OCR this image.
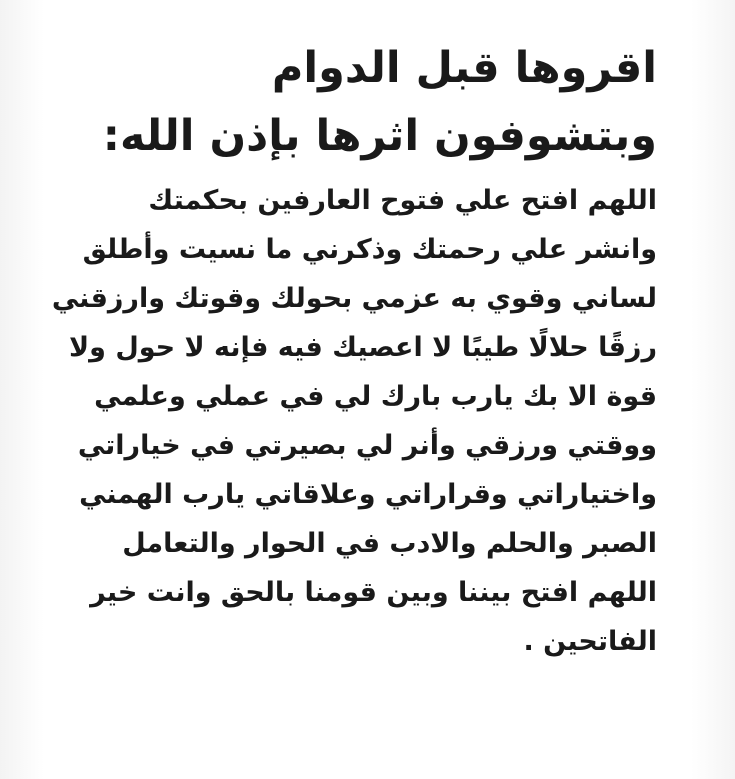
اقروها قبل الدوام
وبتشوفون اثرها بإذن الله:
اللهم افتح علي فتوح العارفين بحكمتك
وانشر علي رحمتك وذكرني ما نسيت وأطلق
لساني وقوي به عزمي بحولك وقوتك وارزقني
رزقًا حلالًا طيبًا لا اعصيك فيه فإنه لا حول ولا
قوة الا بك يارب بارك لي في عملي وعلمي
ووقتي ورزقي وأنر لي بصيرتي في خياراتي
واختياراتي وقراراتي وعلاقاتي يارب الهمني
الصبر والحلم والادب في الحوار والتعامل
اللهم افتح بيننا وبين قومنا بالحق وانت خير
الفاتحين .
